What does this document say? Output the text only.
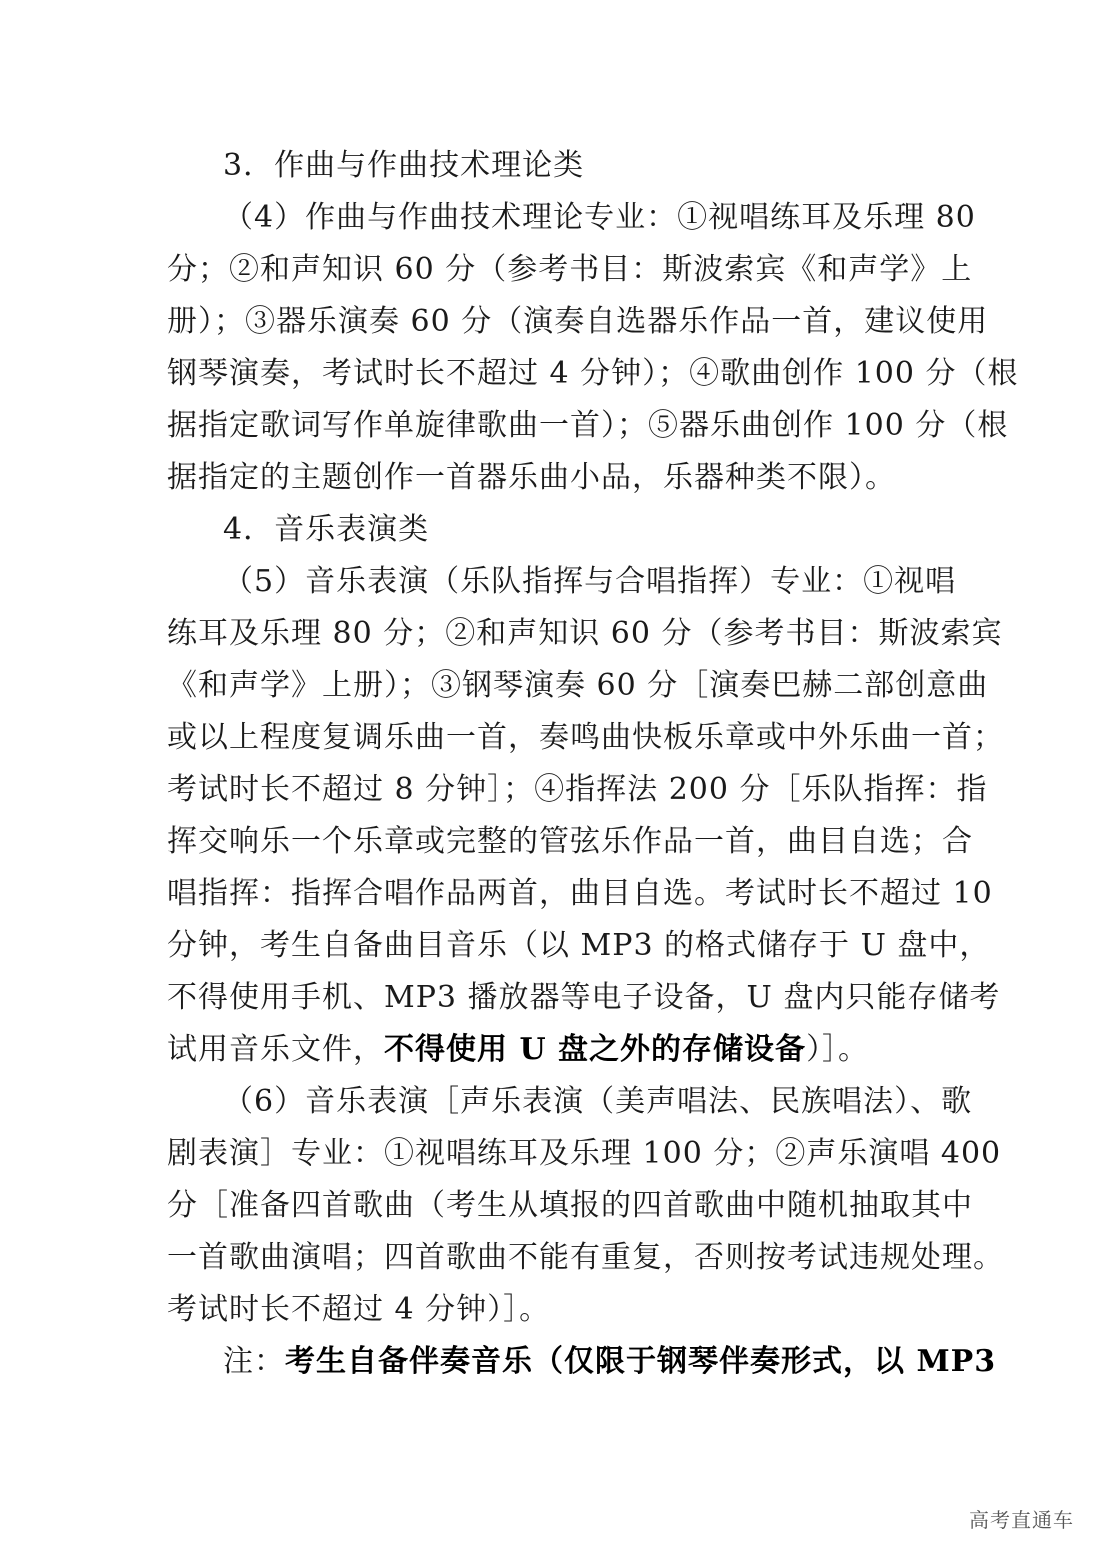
3．作曲与作曲技术理论类
（4）作曲与作曲技术理论专业：①视唱练耳及乐理 80
分；②和声知识 60 分（参考书目：斯波索宾《和声学》上
册）；③器乐演奏 60 分（演奏自选器乐作品一首，建议使用
钢琴演奏，考试时长不超过 4 分钟）；④歌曲创作 100 分（根
据指定歌词写作单旋律歌曲一首）；⑤器乐曲创作 100 分（根
据指定的主题创作一首器乐曲小品，乐器种类不限）。
4．音乐表演类
（5）音乐表演（乐队指挥与合唱指挥）专业：①视唱
练耳及乐理 80 分；②和声知识 60 分（参考书目：斯波索宾
《和声学》上册）；③钢琴演奏 60 分［演奏巴赫二部创意曲
或以上程度复调乐曲一首，奏鸣曲快板乐章或中外乐曲一首；
考试时长不超过 8 分钟］；④指挥法 200 分［乐队指挥：指
挥交响乐一个乐章或完整的管弦乐作品一首，曲目自选；合
唱指挥：指挥合唱作品两首，曲目自选。考试时长不超过 10
分钟，考生自备曲目音乐（以 MP3 的格式储存于 U 盘中，
不得使用手机、MP3 播放器等电子设备，U 盘内只能存储考
试用音乐文件，不得使用 U 盘之外的存储设备）］。
（6）音乐表演［声乐表演（美声唱法、民族唱法）、歌
剧表演］专业：①视唱练耳及乐理 100 分；②声乐演唱 400
分［准备四首歌曲（考生从填报的四首歌曲中随机抽取其中
一首歌曲演唱；四首歌曲不能有重复，否则按考试违规处理。
考试时长不超过 4 分钟）］。
注：考生自备伴奏音乐（仅限于钢琴伴奏形式，以 MP3
高考直通车
